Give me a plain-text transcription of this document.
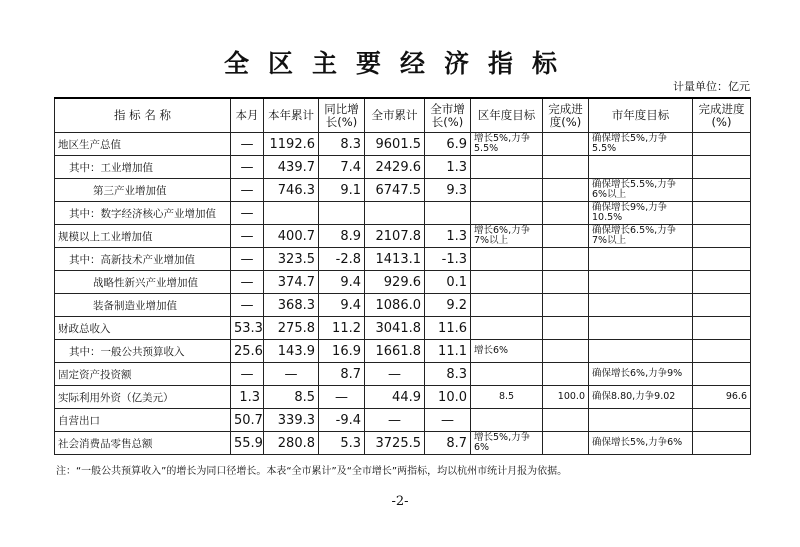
全区主要经济指标
计量单位：亿元
指 标 名 称	本月	本年累计	同比增长(%)	全市累计	全市增长(%)	区年度目标	完成进度(%)	市年度目标	完成进度(%)
地区生产总值	—	1192.6	8.3	9601.5	6.9	增长5%,力争5.5%		确保增长5%,力争5.5%	
其中：工业增加值	—	439.7	7.4	2429.6	1.3				
第三产业增加值	—	746.3	9.1	6747.5	9.3			确保增长5.5%,力争6%以上	
其中：数字经济核心产业增加值	—							确保增长9%,力争10.5%	
规模以上工业增加值	—	400.7	8.9	2107.8	1.3	增长6%,力争7%以上		确保增长6.5%,力争7%以上	
其中：高新技术产业增加值	—	323.5	-2.8	1413.1	-1.3				
战略性新兴产业增加值	—	374.7	9.4	929.6	0.1				
装备制造业增加值	—	368.3	9.4	1086.0	9.2				
财政总收入	53.3	275.8	11.2	3041.8	11.6				
其中：一般公共预算收入	25.6	143.9	16.9	1661.8	11.1	增长6%			
固定资产投资额	—	—	8.7	—	8.3			确保增长6%,力争9%	
实际利用外资（亿美元）	1.3	8.5	—	44.9	10.0	8.5	100.0	确保8.80,力争9.02	96.6
自营出口	50.7	339.3	-9.4	—	—				
社会消费品零售总额	55.9	280.8	5.3	3725.5	8.7	增长5%,力争6%		确保增长5%,力争6%	
注：“一般公共预算收入”的增长为同口径增长。本表“全市累计”及“全市增长”两指标，均以杭州市统计月报为依据。
-2-
